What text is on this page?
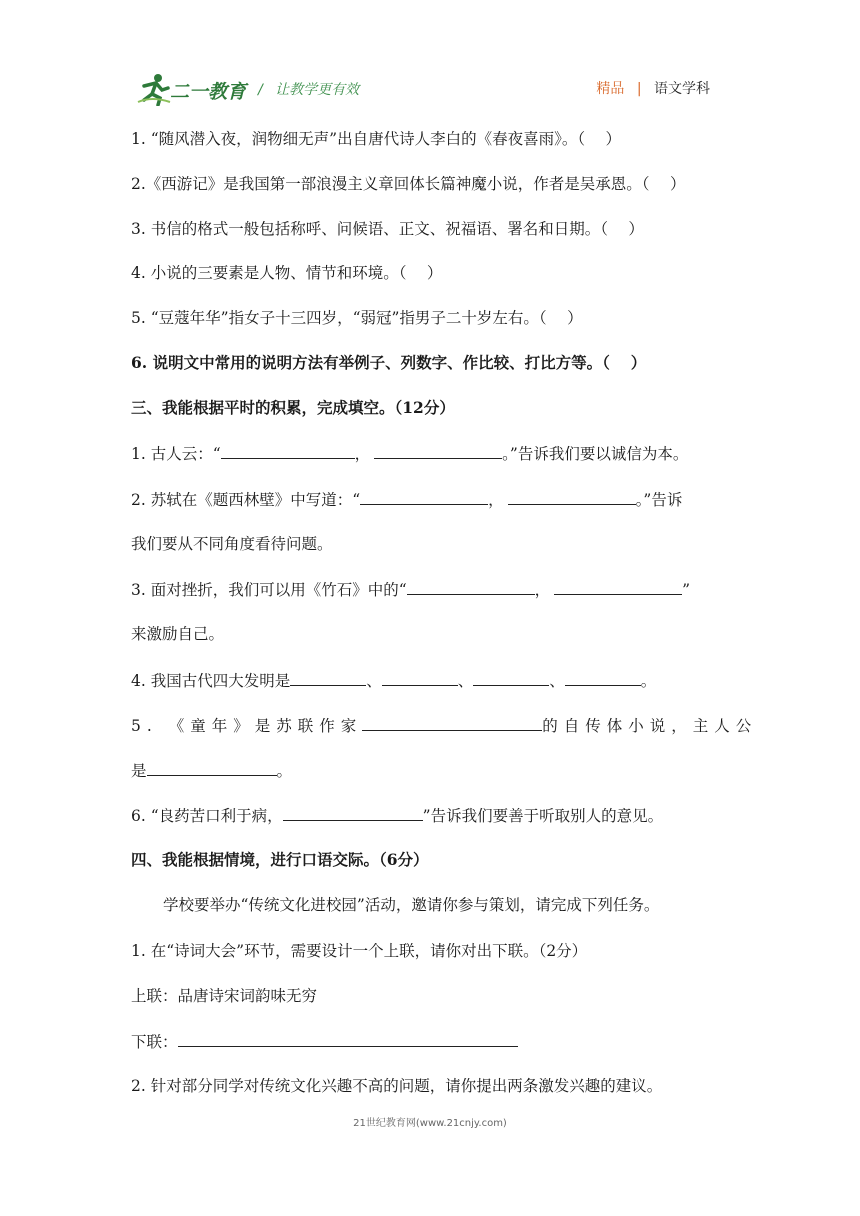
二一教育 / 让教学更有效	精品 | 语文学科
1. “随风潜入夜，润物细无声”出自唐代诗人李白的《春夜喜雨》。（　 ）
2.《西游记》是我国第一部浪漫主义章回体长篇神魔小说，作者是吴承恩。（　 ）
3. 书信的格式一般包括称呼、问候语、正文、祝福语、署名和日期。（　 ）
4. 小说的三要素是人物、情节和环境。（　 ）
5. “豆蔻年华”指女子十三四岁，“弱冠”指男子二十岁左右。（　 ）
6. 说明文中常用的说明方法有举例子、列数字、作比较、打比方等。（　 ）
三、我能根据平时的积累，完成填空。（12分）
1. 古人云：“	，	。”告诉我们要以诚信为本。
2. 苏轼在《题西林壁》中写道：“	，	。”告诉
我们要从不同角度看待问题。
3. 面对挫折，我们可以用《竹石》中的“	，	”
来激励自己。
4. 我国古代四大发明是	、	、	、	。
5. 《童年》是苏联作家	的自传体小说，主人公
是	。
6. “良药苦口利于病，	”告诉我们要善于听取别人的意见。
四、我能根据情境，进行口语交际。（6分）
学校要举办“传统文化进校园”活动，邀请你参与策划，请完成下列任务。
1. 在“诗词大会”环节，需要设计一个上联，请你对出下联。（2分）
上联：品唐诗宋词韵味无穷
下联：
2. 针对部分同学对传统文化兴趣不高的问题，请你提出两条激发兴趣的建议。
21世纪教育网(www.21cnjy.com)
